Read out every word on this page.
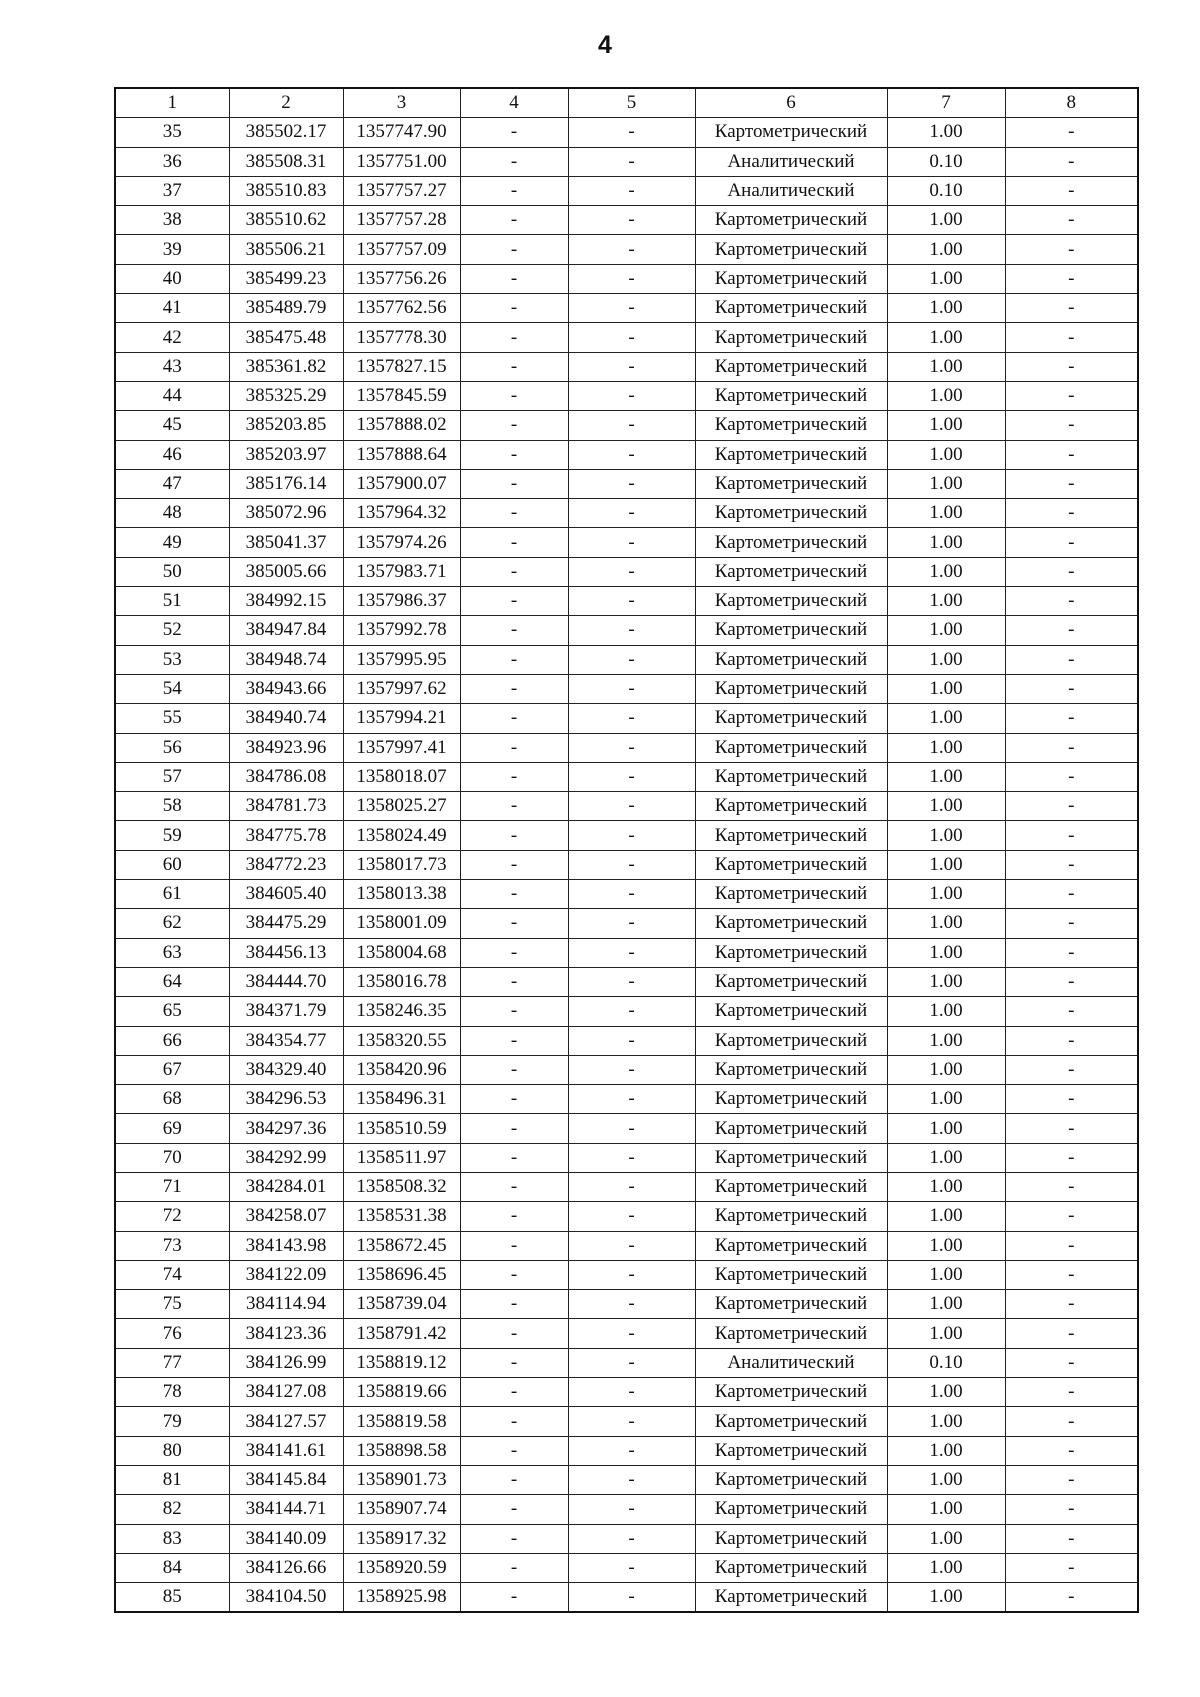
4
1	2	3	4	5	6	7	8
35	385502.17	1357747.90	-	-	Картометрический	1.00	-
36	385508.31	1357751.00	-	-	Аналитический	0.10	-
37	385510.83	1357757.27	-	-	Аналитический	0.10	-
38	385510.62	1357757.28	-	-	Картометрический	1.00	-
39	385506.21	1357757.09	-	-	Картометрический	1.00	-
40	385499.23	1357756.26	-	-	Картометрический	1.00	-
41	385489.79	1357762.56	-	-	Картометрический	1.00	-
42	385475.48	1357778.30	-	-	Картометрический	1.00	-
43	385361.82	1357827.15	-	-	Картометрический	1.00	-
44	385325.29	1357845.59	-	-	Картометрический	1.00	-
45	385203.85	1357888.02	-	-	Картометрический	1.00	-
46	385203.97	1357888.64	-	-	Картометрический	1.00	-
47	385176.14	1357900.07	-	-	Картометрический	1.00	-
48	385072.96	1357964.32	-	-	Картометрический	1.00	-
49	385041.37	1357974.26	-	-	Картометрический	1.00	-
50	385005.66	1357983.71	-	-	Картометрический	1.00	-
51	384992.15	1357986.37	-	-	Картометрический	1.00	-
52	384947.84	1357992.78	-	-	Картометрический	1.00	-
53	384948.74	1357995.95	-	-	Картометрический	1.00	-
54	384943.66	1357997.62	-	-	Картометрический	1.00	-
55	384940.74	1357994.21	-	-	Картометрический	1.00	-
56	384923.96	1357997.41	-	-	Картометрический	1.00	-
57	384786.08	1358018.07	-	-	Картометрический	1.00	-
58	384781.73	1358025.27	-	-	Картометрический	1.00	-
59	384775.78	1358024.49	-	-	Картометрический	1.00	-
60	384772.23	1358017.73	-	-	Картометрический	1.00	-
61	384605.40	1358013.38	-	-	Картометрический	1.00	-
62	384475.29	1358001.09	-	-	Картометрический	1.00	-
63	384456.13	1358004.68	-	-	Картометрический	1.00	-
64	384444.70	1358016.78	-	-	Картометрический	1.00	-
65	384371.79	1358246.35	-	-	Картометрический	1.00	-
66	384354.77	1358320.55	-	-	Картометрический	1.00	-
67	384329.40	1358420.96	-	-	Картометрический	1.00	-
68	384296.53	1358496.31	-	-	Картометрический	1.00	-
69	384297.36	1358510.59	-	-	Картометрический	1.00	-
70	384292.99	1358511.97	-	-	Картометрический	1.00	-
71	384284.01	1358508.32	-	-	Картометрический	1.00	-
72	384258.07	1358531.38	-	-	Картометрический	1.00	-
73	384143.98	1358672.45	-	-	Картометрический	1.00	-
74	384122.09	1358696.45	-	-	Картометрический	1.00	-
75	384114.94	1358739.04	-	-	Картометрический	1.00	-
76	384123.36	1358791.42	-	-	Картометрический	1.00	-
77	384126.99	1358819.12	-	-	Аналитический	0.10	-
78	384127.08	1358819.66	-	-	Картометрический	1.00	-
79	384127.57	1358819.58	-	-	Картометрический	1.00	-
80	384141.61	1358898.58	-	-	Картометрический	1.00	-
81	384145.84	1358901.73	-	-	Картометрический	1.00	-
82	384144.71	1358907.74	-	-	Картометрический	1.00	-
83	384140.09	1358917.32	-	-	Картометрический	1.00	-
84	384126.66	1358920.59	-	-	Картометрический	1.00	-
85	384104.50	1358925.98	-	-	Картометрический	1.00	-
